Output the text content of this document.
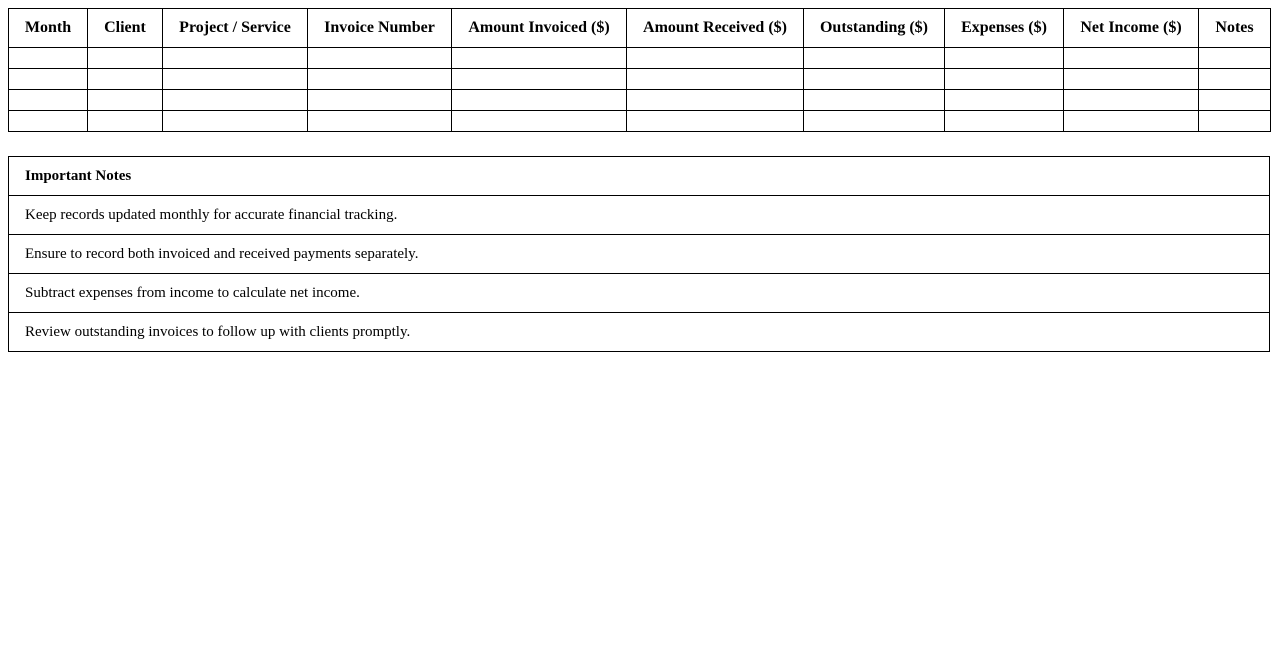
Month	Client	Project / Service	Invoice Number	Amount Invoiced ($)	Amount Received ($)	Outstanding ($)	Expenses ($)	Net Income ($)	Notes

Important Notes
Keep records updated monthly for accurate financial tracking.
Ensure to record both invoiced and received payments separately.
Subtract expenses from income to calculate net income.
Review outstanding invoices to follow up with clients promptly.
